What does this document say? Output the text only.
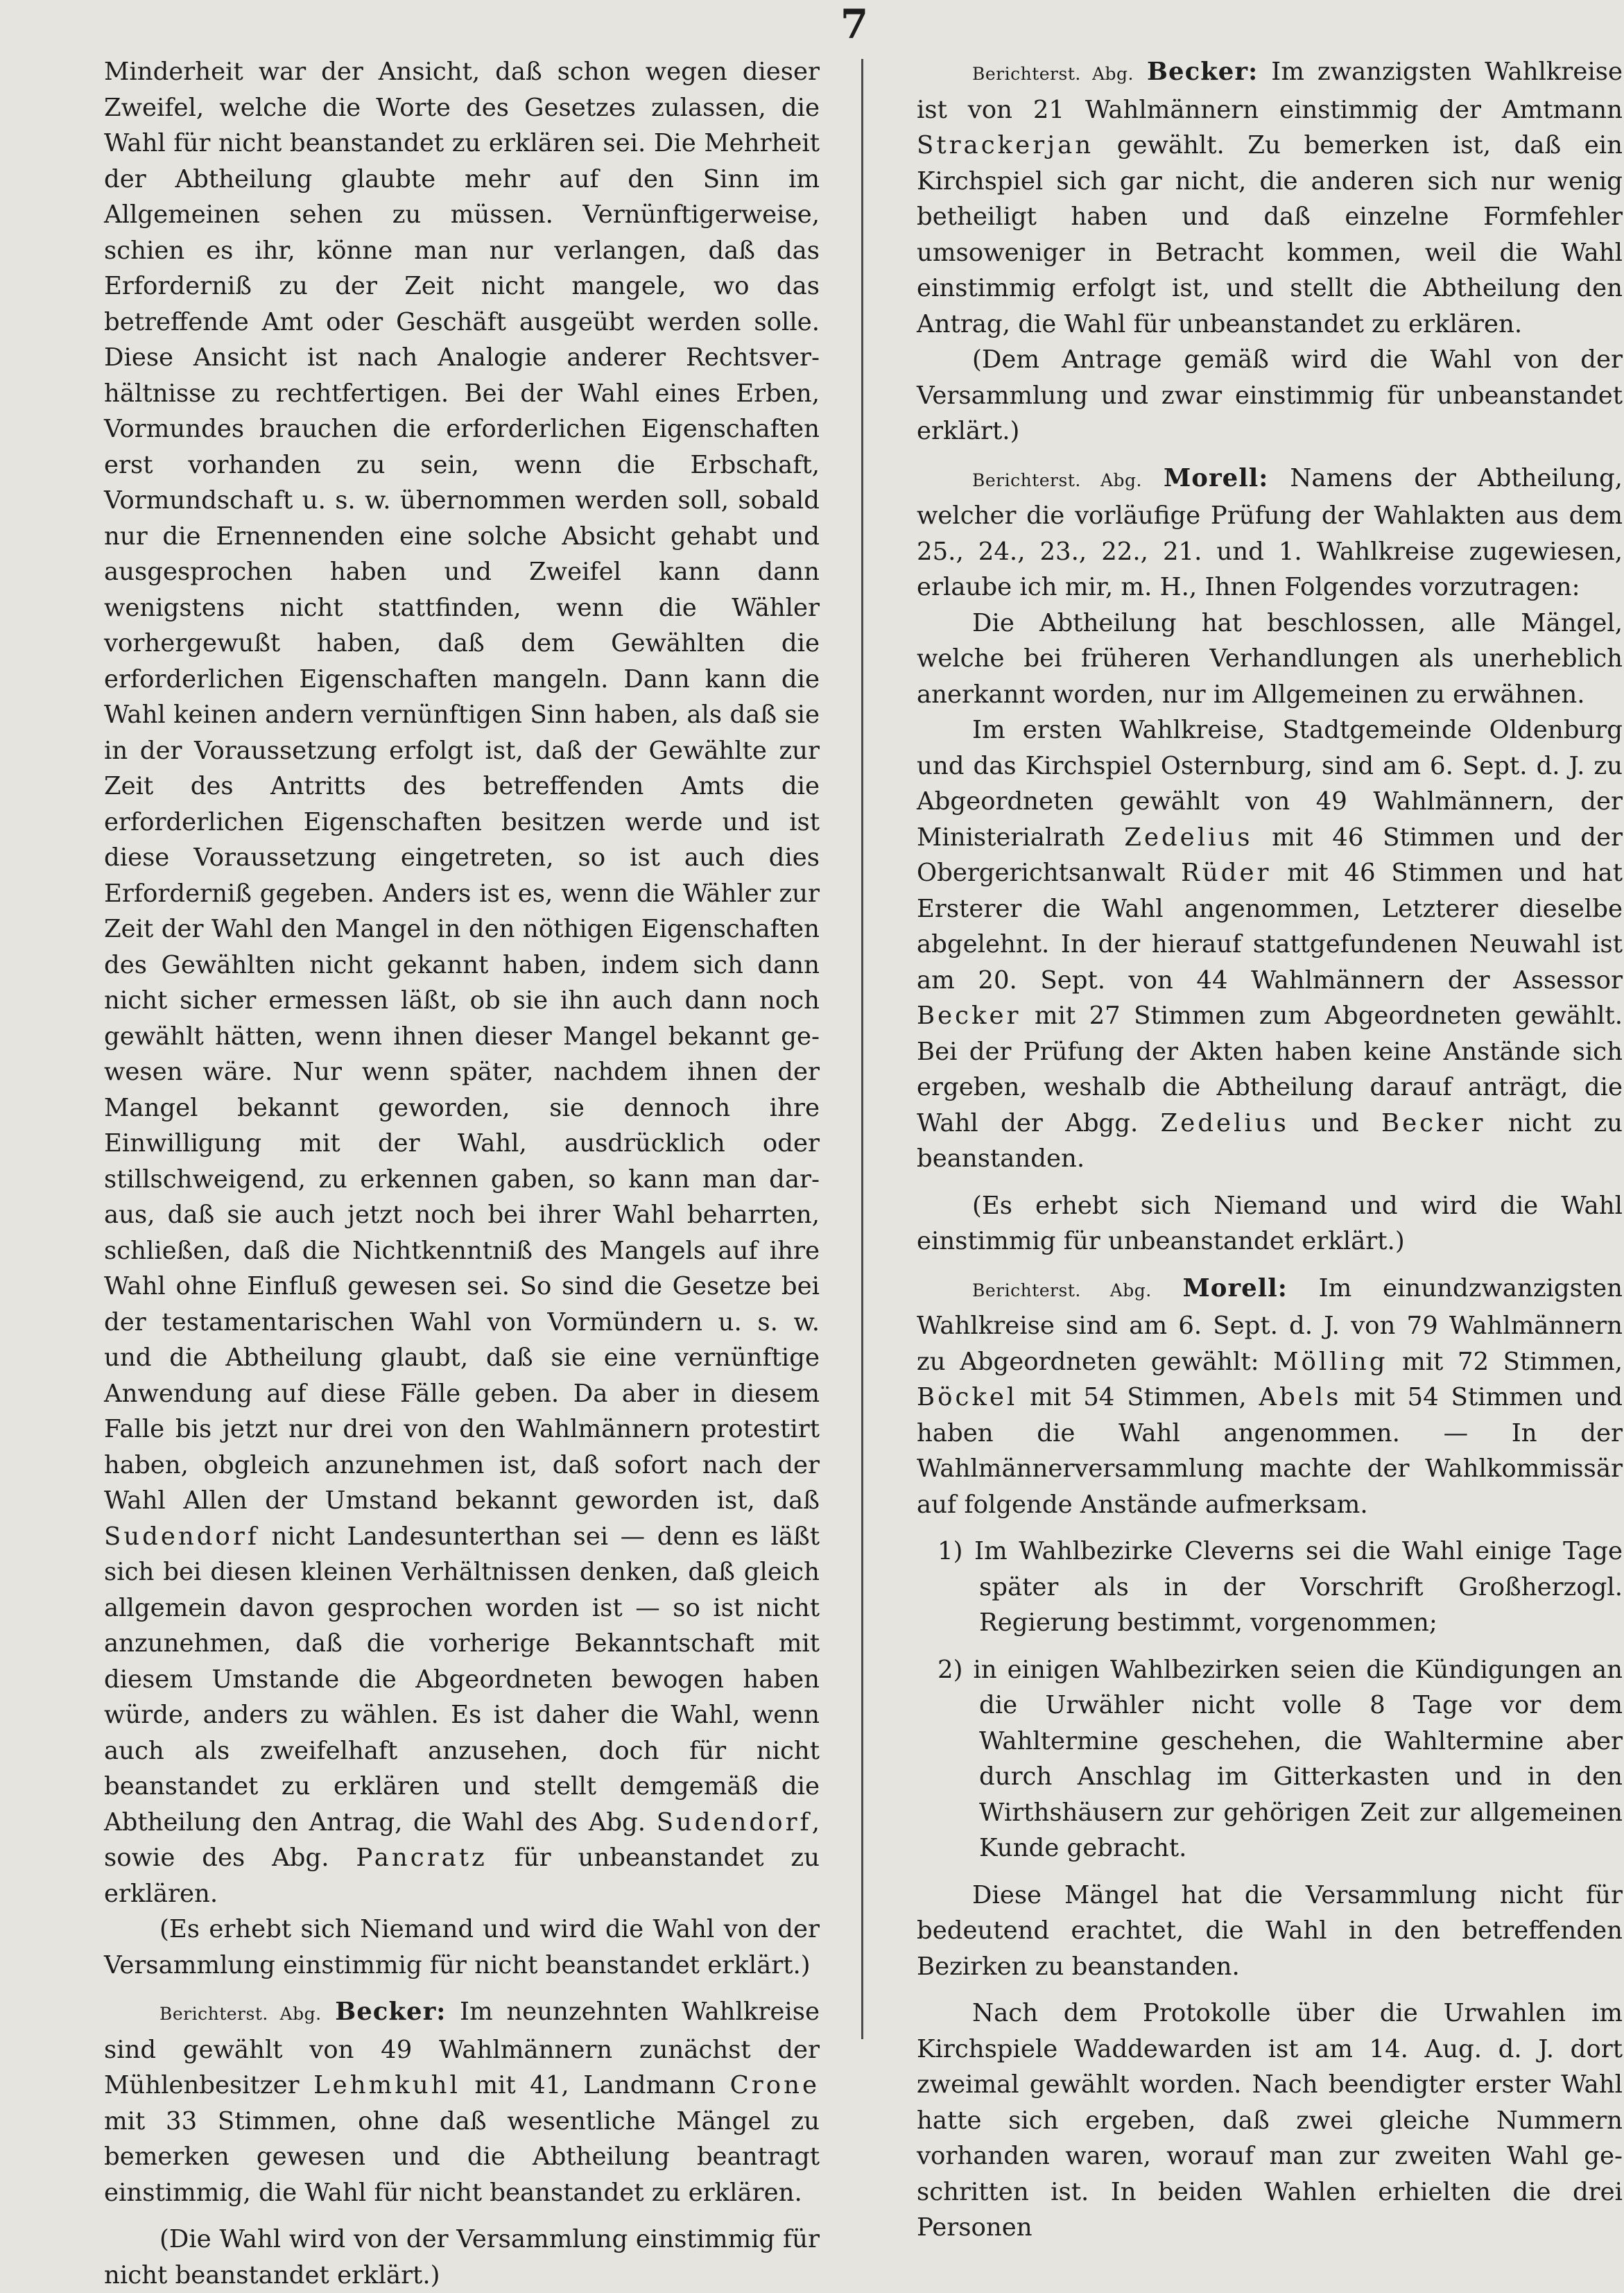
7

Minderheit war der Ansicht, daß schon wegen dieser Zweifel, welche die Worte des Gesetzes zulassen, die Wahl für nicht beanstandet zu erklären sei. Die Mehrheit der Abtheilung glaubte mehr auf den Sinn im Allgemeinen sehen zu müssen. Vernünftigerweise, schien es ihr, könne man nur verlangen, daß das Erforderniß zu der Zeit nicht mangele, wo das betreffende Amt oder Geschäft ausgeübt werden solle. Diese Ansicht ist nach Analogie anderer Rechtsverhältnisse zu rechtfertigen. Bei der Wahl eines Erben, Vormundes brauchen die erforderlichen Eigenschaften erst vorhanden zu sein, wenn die Erbschaft, Vormundschaft u. s. w. übernommen werden soll, sobald nur die Ernennenden eine solche Absicht gehabt und ausgesprochen haben und Zweifel kann dann wenigstens nicht stattfinden, wenn die Wähler vorhergewußt haben, daß dem Gewählten die erforderlichen Eigenschaften mangeln. Dann kann die Wahl keinen andern vernünftigen Sinn haben, als daß sie in der Voraussetzung erfolgt ist, daß der Gewählte zur Zeit des Antritts des betreffenden Amts die erforderlichen Eigenschaften besitzen werde und ist diese Voraussetzung eingetreten, so ist auch dies Erforderniß gegeben. Anders ist es, wenn die Wähler zur Zeit der Wahl den Mangel in den nöthigen Eigenschaften des Gewählten nicht gekannt haben, indem sich dann nicht sicher ermessen läßt, ob sie ihn auch dann noch gewählt hätten, wenn ihnen dieser Mangel bekannt gewesen wäre. Nur wenn später, nachdem ihnen der Mangel bekannt geworden, sie dennoch ihre Einwilligung mit der Wahl, ausdrücklich oder stillschweigend, zu erkennen gaben, so kann man daraus, daß sie auch jetzt noch bei ihrer Wahl beharrten, schließen, daß die Nichtkenntniß des Mangels auf ihre Wahl ohne Einfluß gewesen sei. So sind die Gesetze bei der testamentarischen Wahl von Vormündern u. s. w. und die Abtheilung glaubt, daß sie eine vernünftige Anwendung auf diese Fälle geben. Da aber in diesem Falle bis jetzt nur drei von den Wahlmännern protestirt haben, obgleich anzunehmen ist, daß sofort nach der Wahl Allen der Umstand bekannt geworden ist, daß Sudendorf nicht Landesunterthan sei — denn es läßt sich bei diesen kleinen Verhältnissen denken, daß gleich allgemein davon gesprochen worden ist — so ist nicht anzunehmen, daß die vorherige Bekanntschaft mit diesem Umstande die Abgeordneten bewogen haben würde, anders zu wählen. Es ist daher die Wahl, wenn auch als zweifelhaft anzusehen, doch für nicht beanstandet zu erklären und stellt demgemäß die Abtheilung den Antrag, die Wahl des Abg. Sudendorf, sowie des Abg. Pancratz für unbeanstandet zu erklären.

(Es erhebt sich Niemand und wird die Wahl von der Versammlung einstimmig für nicht beanstandet erklärt.)

Berichterst. Abg. Becker: Im neunzehnten Wahlkreise sind gewählt von 49 Wahlmännern zunächst der Mühlenbesitzer Lehmkuhl mit 41, Landmann Crone mit 33 Stimmen, ohne daß wesentliche Mängel zu bemerken gewesen und die Abtheilung beantragt einstimmig, die Wahl für nicht beanstandet zu erklären.

(Die Wahl wird von der Versammlung einstimmig für nicht beanstandet erklärt.)

Berichterst. Abg. Becker: Im zwanzigsten Wahlkreise ist von 21 Wahlmännern einstimmig der Amtmann Strackerjan gewählt. Zu bemerken ist, daß ein Kirchspiel sich gar nicht, die anderen sich nur wenig betheiligt haben und daß einzelne Formfehler umsoweniger in Betracht kommen, weil die Wahl einstimmig erfolgt ist, und stellt die Abtheilung den Antrag, die Wahl für unbeanstandet zu erklären.

(Dem Antrage gemäß wird die Wahl von der Versammlung und zwar einstimmig für unbeanstandet erklärt.)

Berichterst. Abg. Morell: Namens der Abtheilung, welcher die vorläufige Prüfung der Wahlakten aus dem 25., 24., 23., 22., 21. und 1. Wahlkreise zugewiesen, erlaube ich mir, m. H., Ihnen Folgendes vorzutragen:

Die Abtheilung hat beschlossen, alle Mängel, welche bei früheren Verhandlungen als unerheblich anerkannt worden, nur im Allgemeinen zu erwähnen.

Im ersten Wahlkreise, Stadtgemeinde Oldenburg und das Kirchspiel Osternburg, sind am 6. Sept. d. J. zu Abgeordneten gewählt von 49 Wahlmännern, der Ministerialrath Zedelius mit 46 Stimmen und der Obergerichtsanwalt Rüder mit 46 Stimmen und hat Ersterer die Wahl angenommen, Letzterer dieselbe abgelehnt. In der hierauf stattgefundenen Neuwahl ist am 20. Sept. von 44 Wahlmännern der Assessor Becker mit 27 Stimmen zum Abgeordneten gewählt. Bei der Prüfung der Akten haben keine Anstände sich ergeben, weshalb die Abtheilung darauf anträgt, die Wahl der Abgg. Zedelius und Becker nicht zu beanstanden.

(Es erhebt sich Niemand und wird die Wahl einstimmig für unbeanstandet erklärt.)

Berichterst. Abg. Morell: Im einundzwanzigsten Wahlkreise sind am 6. Sept. d. J. von 79 Wahlmännern zu Abgeordneten gewählt: Mölling mit 72 Stimmen, Böckel mit 54 Stimmen, Abels mit 54 Stimmen und haben die Wahl angenommen. — In der Wahlmännerversammlung machte der Wahlkommissär auf folgende Anstände aufmerksam.

1) Im Wahlbezirke Cleverns sei die Wahl einige Tage später als in der Vorschrift Großherzogl. Regierung bestimmt, vorgenommen;

2) in einigen Wahlbezirken seien die Kündigungen an die Urwähler nicht volle 8 Tage vor dem Wahltermine geschehen, die Wahltermine aber durch Anschlag im Gitterkasten und in den Wirthshäusern zur gehörigen Zeit zur allgemeinen Kunde gebracht.

Diese Mängel hat die Versammlung nicht für bedeutend erachtet, die Wahl in den betreffenden Bezirken zu beanstanden.

Nach dem Protokolle über die Urwahlen im Kirchspiele Waddewarden ist am 14. Aug. d. J. dort zweimal gewählt worden. Nach beendigter erster Wahl hatte sich ergeben, daß zwei gleiche Nummern vorhanden waren, worauf man zur zweiten Wahl geschritten ist. In beiden Wahlen erhielten die drei Personen
